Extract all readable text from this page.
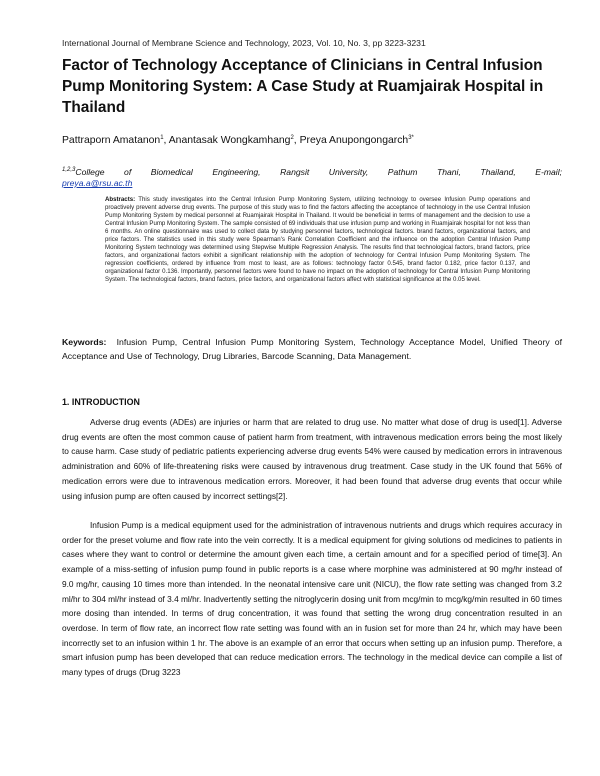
International Journal of Membrane Science and Technology, 2023, Vol. 10, No. 3, pp 3223-3231
Factor of Technology Acceptance of Clinicians in Central Infusion Pump Monitoring System: A Case Study at Ruamjairak Hospital in Thailand
Pattraporn Amatanon$^1$, Anantasak Wongkamhang$^2$, Preya Anupongongarch$^{3*}$
$^{1,2,3}$College of Biomedical Engineering, Rangsit University, Pathum Thani, Thailand, E-mail;
preya.a@rsu.ac.th
Abstracts: This study investigates into the Central Infusion Pump Monitoring System, utilizing technology to oversee Infusion Pump operations and proactively prevent adverse drug events. The purpose of this study was to find the factors affecting the acceptance of technology in the use Central Infusion Pump Monitoring System by medical personnel at Ruamjairak Hospital in Thailand. It would be beneficial in terms of management and the decision to use a Central Infusion Pump Monitoring System. The sample consisted of 69 individuals that use infusion pump and working in Ruamjairak hospital for not less than 6 months. An online questionnaire was used to collect data by studying personnel factors, technological factors. brand factors, organizational factors, and price factors. The statistics used in this study were Spearman's Rank Correlation Coefficient and the influence on the adoption Central Infusion Pump Monitoring System technology was determined using Stepwise Multiple Regression Analysis. The results find that technological factors, brand factors, price factors, and organizational factors exhibit a significant relationship with the adoption of technology for Central Infusion Pump Monitoring System. The regression coefficients, ordered by influence from most to least, are as follows: technology factor 0.545, brand factor 0.182, price factor 0.137, and organizational factor 0.136. Importantly, personnel factors were found to have no impact on the adoption of technology for Central Infusion Pump Monitoring System. The technological factors, brand factors, price factors, and organizational factors affect with statistical significance at the 0.05 level.
Keywords: Infusion Pump, Central Infusion Pump Monitoring System, Technology Acceptance Model, Unified Theory of Acceptance and Use of Technology, Drug Libraries, Barcode Scanning, Data Management.
1. INTRODUCTION
Adverse drug events (ADEs) are injuries or harm that are related to drug use. No matter what dose of drug is used[1]. Adverse drug events are often the most common cause of patient harm from treatment, with intravenous medication errors being the most likely to cause harm. Case study of pediatric patients experiencing adverse drug events 54% were caused by medication errors in intravenous administration and 60% of life-threatening risks were caused by intravenous drug treatment. Case study in the UK found that 56% of medication errors were due to intravenous medication errors. Moreover, it had been found that adverse drug events that occur while using infusion pump are often caused by incorrect settings[2].
Infusion Pump is a medical equipment used for the administration of intravenous nutrients and drugs which requires accuracy in order for the preset volume and flow rate into the vein correctly. It is a medical equipment for giving solutions od medicines to patients in cases where they want to control or determine the amount given each time, a certain amount and for a specified period of time[3]. An example of a miss-setting of infusion pump found in public reports is a case where morphine was administered at 90 mg/hr instead of 9.0 mg/hr, causing 10 times more than intended. In the neonatal intensive care unit (NICU), the flow rate setting was changed from 3.2 ml/hr to 304 ml/hr instead of 3.4 ml/hr. Inadvertently setting the nitroglycerin dosing unit from mcg/min to mcg/kg/min resulted in 60 times more dosing than intended. In terms of drug concentration, it was found that setting the wrong drug concentration resulted in an overdose. In term of flow rate, an incorrect flow rate setting was found with an in fusion set for more than 24 hr, which may have been incorrectly set to an infusion within 1 hr. The above is an example of an error that occurs when setting up an infusion pump. Therefore, a smart infusion pump has been developed that can reduce medication errors. The technology in the medical device can compile a list of many types of drugs (Drug 3223
